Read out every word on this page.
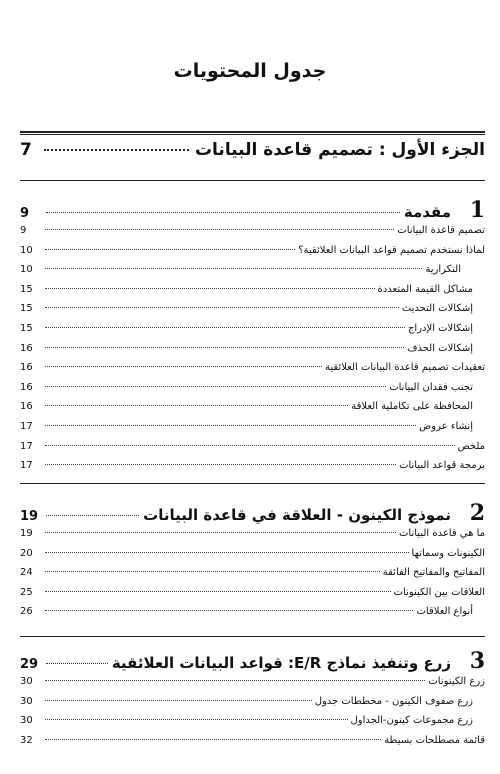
جدول المحتويات
الجزء الأول : تصميم قاعدة البيانات
7
1
مقدمة
9
تصميم قاعدة البيانات
9
لماذا نستخدم تصميم قواعد البيانات العلائقية؟
10
التكرارية
10
مشاكل القيمة المتعددة
15
إشكالات التحديث
15
إشكالات الإدراج
15
إشكالات الحذف
16
تعقيدات تصميم قاعدة البيانات العلائقية
16
تجنب فقدان البيانات
16
المحافظة على تكاملية العلاقة
16
إنشاء عروض
17
ملخص
17
برمجة قواعد البيانات
17
2
نموذج الكينون - العلاقة في قاعدة البيانات
19
ما هي قاعدة البيانات
19
الكينونات وسماتها
20
المفاتيح والمفاتيح الفائقة
24
العلاقات بين الكينونات
25
أنواع العلاقات
26
3
زرع وتنفيذ نماذج E/R: قواعد البيانات العلائقية
29
زرع الكينونات
30
زرع صفوف الكينون - مخططات جدول
30
زرع مجموعات كينون-الجداول
30
قائمة مصطلحات بسيطة
32
